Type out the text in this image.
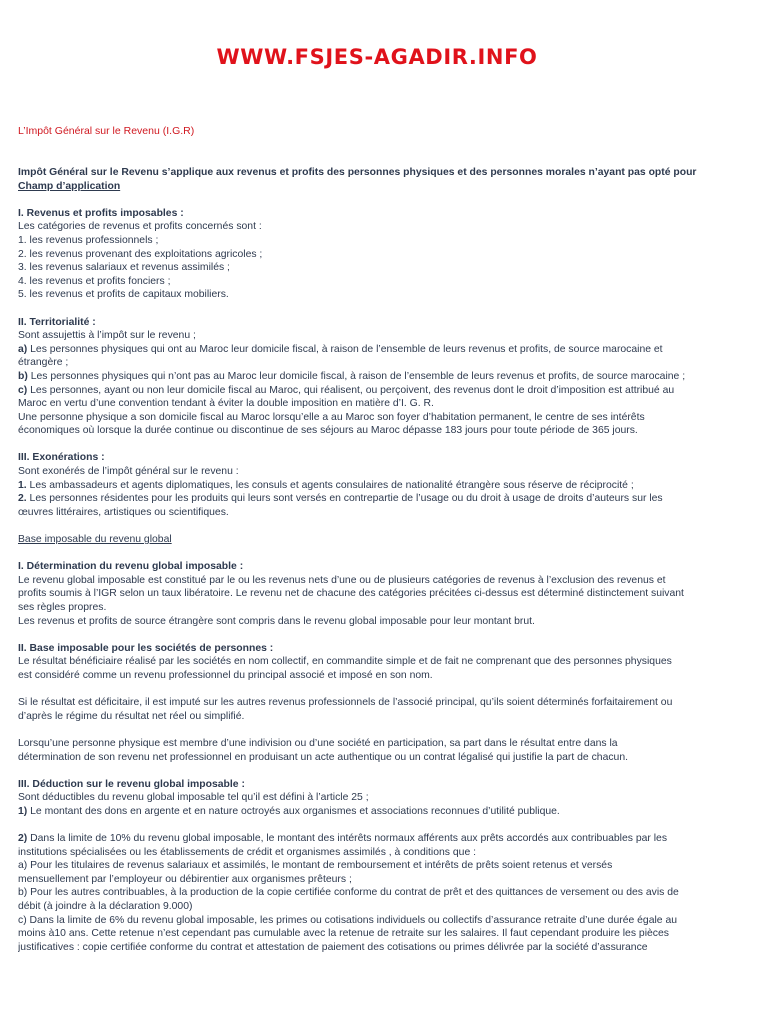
WWW.FSJES-AGADIR.INFO
L’Impôt Général sur le Revenu (I.G.R)
Impôt Général sur le Revenu s’applique aux revenus et profits des personnes physiques et des personnes morales n’ayant pas opté pour
Champ d’application
I. Revenus et profits imposables :
Les catégories de revenus et profits concernés sont :
1. les revenus professionnels ;
2. les revenus provenant des exploitations agricoles ;
3. les revenus salariaux et revenus assimilés ;
4. les revenus et profits fonciers ;
5. les revenus et profits de capitaux mobiliers.
II. Territorialité :
Sont assujettis à l’impôt sur le revenu ;
a) Les personnes physiques qui ont au Maroc leur domicile fiscal, à raison de l’ensemble de leurs revenus et profits, de source marocaine et
étrangère ;
b) Les personnes physiques qui n’ont pas au Maroc leur domicile fiscal, à raison de l’ensemble de leurs revenus et profits, de source marocaine ;
c) Les personnes, ayant ou non leur domicile fiscal au Maroc, qui réalisent, ou perçoivent, des revenus dont le droit d’imposition est attribué au
Maroc en vertu d’une convention tendant à éviter la double imposition en matière d’I. G. R.
Une personne physique a son domicile fiscal au Maroc lorsqu’elle a au Maroc son foyer d’habitation permanent, le centre de ses intérêts
économiques où lorsque la durée continue ou discontinue de ses séjours au Maroc dépasse 183 jours pour toute période de 365 jours.
III. Exonérations :
Sont exonérés de l’impôt général sur le revenu :
1. Les ambassadeurs et agents diplomatiques, les consuls et agents consulaires de nationalité étrangère sous réserve de réciprocité ;
2. Les personnes résidentes pour les produits qui leurs sont versés en contrepartie de l’usage ou du droit à usage de droits d’auteurs sur les
œuvres littéraires, artistiques ou scientifiques.
Base imposable du revenu global
I. Détermination du revenu global imposable :
Le revenu global imposable est constitué par le ou les revenus nets d’une ou de plusieurs catégories de revenus à l’exclusion des revenus et
profits soumis à l’IGR selon un taux libératoire. Le revenu net de chacune des catégories précitées ci-dessus est déterminé distinctement suivant
ses règles propres.
Les revenus et profits de source étrangère sont compris dans le revenu global imposable pour leur montant brut.
II. Base imposable pour les sociétés de personnes :
Le résultat bénéficiaire réalisé par les sociétés en nom collectif, en commandite simple et de fait ne comprenant que des personnes physiques
est considéré comme un revenu professionnel du principal associé et imposé en son nom.
Si le résultat est déficitaire, il est imputé sur les autres revenus professionnels de l’associé principal, qu’ils soient déterminés forfaitairement ou
d’après le régime du résultat net réel ou simplifié.
Lorsqu’une personne physique est membre d’une indivision ou d’une société en participation, sa part dans le résultat entre dans la
détermination de son revenu net professionnel en produisant un acte authentique ou un contrat légalisé qui justifie la part de chacun.
III. Déduction sur le revenu global imposable :
Sont déductibles du revenu global imposable tel qu’il est défini à l’article 25 ;
1) Le montant des dons en argente et en nature octroyés aux organismes et associations reconnues d’utilité publique.
2) Dans la limite de 10% du revenu global imposable, le montant des intérêts normaux afférents aux prêts accordés aux contribuables par les
institutions spécialisées ou les établissements de crédit et organismes assimilés , à conditions que :
a) Pour les titulaires de revenus salariaux et assimilés, le montant de remboursement et intérêts de prêts soient retenus et versés
mensuellement par l’employeur ou débirentier aux organismes prêteurs ;
b) Pour les autres contribuables, à la production de la copie certifiée conforme du contrat de prêt et des quittances de versement ou des avis de
débit (à joindre à la déclaration 9.000)
c) Dans la limite de 6% du revenu global imposable, les primes ou cotisations individuels ou collectifs d’assurance retraite d’une durée égale au
moins à10 ans. Cette retenue n’est cependant pas cumulable avec la retenue de retraite sur les salaires. Il faut cependant produire les pièces
justificatives : copie certifiée conforme du contrat et attestation de paiement des cotisations ou primes délivrée par la société d’assurance
